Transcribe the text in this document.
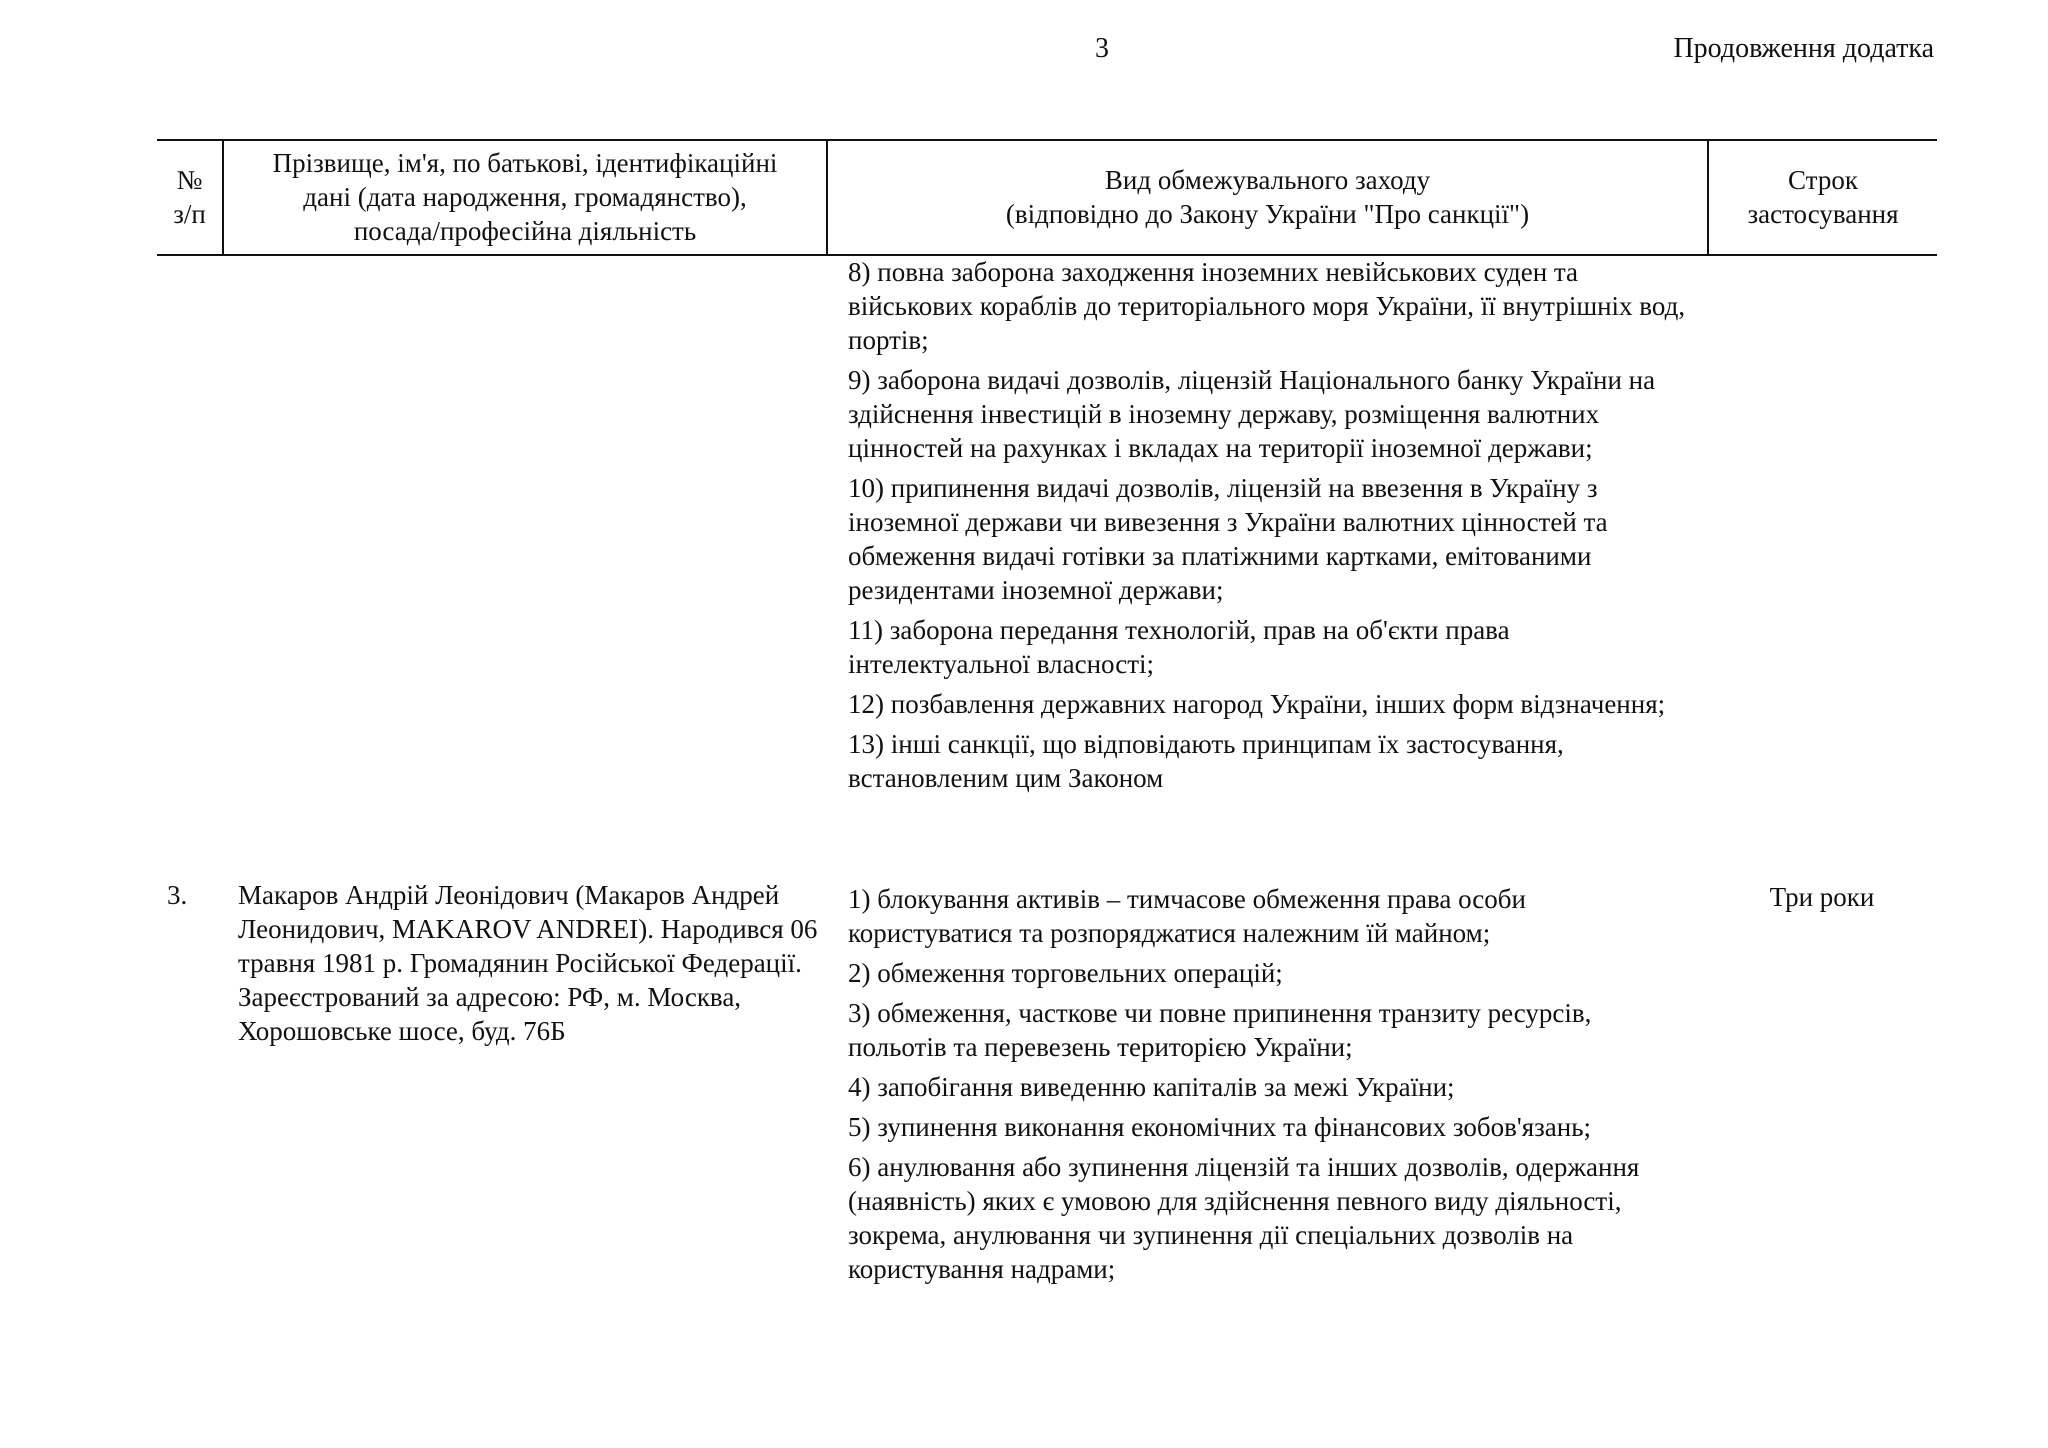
3	Продовження додатка
№
з/п
Прізвище, ім'я, по батькові, ідентифікаційні
дані (дата народження, громадянство),
посада/професійна діяльність
Вид обмежувального заходу
(відповідно до Закону України "Про санкції")
Строк
застосування

8) повна заборона заходження іноземних невійськових суден та військових кораблів до територіального моря України, її внутрішніх вод, портів;

9) заборона видачі дозволів, ліцензій Національного банку України на здійснення інвестицій в іноземну державу, розміщення валютних цінностей на рахунках і вкладах на території іноземної держави;

10) припинення видачі дозволів, ліцензій на ввезення в Україну з іноземної держави чи вивезення з України валютних цінностей та обмеження видачі готівки за платіжними картками, емітованими резидентами іноземної держави;

11) заборона передання технологій, прав на об'єкти права інтелектуальної власності;

12) позбавлення державних нагород України, інших форм відзначення;

13) інші санкції, що відповідають принципам їх застосування, встановленим цим Законом

3. Макаров Андрій Леонідович (Макаров Андрей Леонидович, MAKAROV ANDREI). Народився 06 травня 1981 р. Громадянин Російської Федерації. Зареєстрований за адресою: РФ, м. Москва, Хорошовське шосе, буд. 76Б
Три роки

1) блокування активів – тимчасове обмеження права особи користуватися та розпоряджатися належним їй майном;

2) обмеження торговельних операцій;

3) обмеження, часткове чи повне припинення транзиту ресурсів, польотів та перевезень територією України;

4) запобігання виведенню капіталів за межі України;

5) зупинення виконання економічних та фінансових зобов'язань;

6) анулювання або зупинення ліцензій та інших дозволів, одержання (наявність) яких є умовою для здійснення певного виду діяльності, зокрема, анулювання чи зупинення дії спеціальних дозволів на користування надрами;
